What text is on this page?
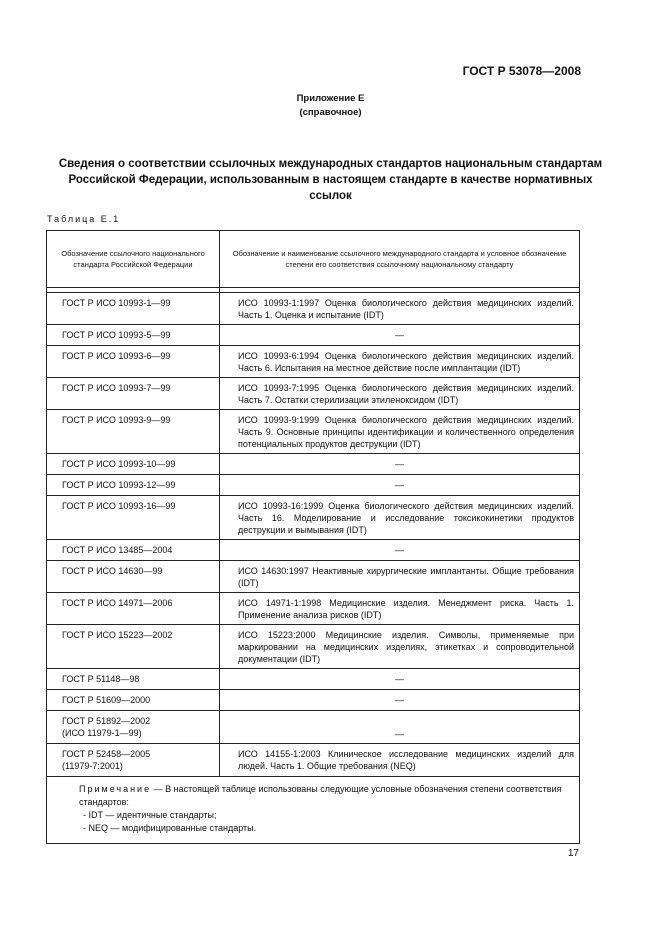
ГОСТ Р 53078—2008
Приложение Е
(справочное)
Сведения о соответствии ссылочных международных стандартов национальным стандартам
Российской Федерации, использованным в настоящем стандарте в качестве нормативных
ссылок
Таблица Е.1
Обозначение ссылочного национального стандарта Российской Федерации	Обозначение и наименование ссылочного международного стандарта и условное обозначение степени его соответствия ссылочному национальному стандарту

ГОСТ Р ИСО 10993-1—99	ИСО 10993-1:1997 Оценка биологического действия медицинских изделий. Часть 1. Оценка и испытание (IDT)

ГОСТ Р ИСО 10993-5—99	—
ГОСТ Р ИСО 10993-6—99	ИСО 10993-6:1994 Оценка биологического действия медицинских изделий. Часть 6. Испытания на местное действие после имплантации (IDT)

ГОСТ Р ИСО 10993-7—99	ИСО 10993-7:1995 Оценка биологического действия медицинских изделий. Часть 7. Остатки стерилизации этиленоксидом (IDT)

ГОСТ Р ИСО 10993-9—99	ИСО 10993-9:1999 Оценка биологического действия медицинских изделий. Часть 9. Основные принципы идентификации и количественного определения потенциальных продуктов деструкции (IDT)

ГОСТ Р ИСО 10993-10—99	—
ГОСТ Р ИСО 10993-12—99	—
ГОСТ Р ИСО 10993-16—99	ИСО 10993-16:1999 Оценка биологического действия медицинских изделий. Часть 16. Моделирование и исследование токсикокинетики продуктов деструкции и вымывания (IDT)

ГОСТ Р ИСО 13485—2004	—
ГОСТ Р ИСО 14630—99	ИСО 14630:1997 Неактивные хирургические имплантанты. Общие требования (IDT)

ГОСТ Р ИСО 14971—2006	ИСО 14971-1:1998 Медицинские изделия. Менеджмент риска. Часть 1. Применение анализа рисков (IDT)

ГОСТ Р ИСО 15223—2002	ИСО 15223:2000 Медицинские изделия. Символы, применяемые при маркировании на медицинских изделиях, этикетках и сопроводительной документации (IDT)

ГОСТ Р 51148—98	—
ГОСТ Р 51609—2000	—

ГОСТ Р 51892—2002
(ИСО 11979-1—99)	—

ГОСТ Р 52458—2005
(11979-7:2001)	ИСО 14155-1:2003 Клиническое исследование медицинских изделий для людей. Часть 1. Общие требования (NEQ)

Примечание — В настоящей таблице использованы следующие условные обозначения степени соответствия стандартов:
- IDT — идентичные стандарты;
- NEQ — модифицированные стандарты.	
17
